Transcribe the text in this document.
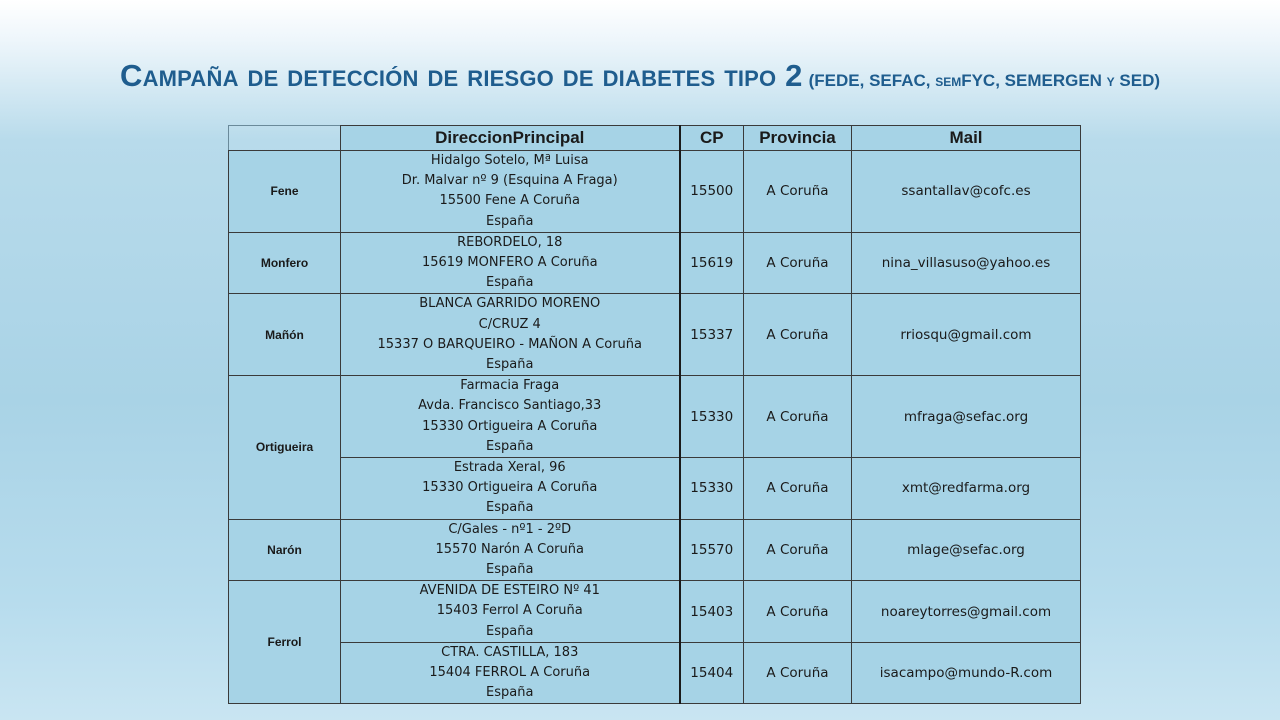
Campaña de detección de riesgo de diabetes tipo 2 (FEDE, SEFAC, semFYC, SEMERGEN y SED)
	DireccionPrincipal	CP	Provincia	Mail
Fene	Hidalgo Sotelo, Mª Luisa
Dr. Malvar nº 9 (Esquina A Fraga)
15500 Fene A Coruña
España	15500	A Coruña	ssantallav@cofc.es
Monfero	REBORDELO, 18
15619 MONFERO A Coruña
España	15619	A Coruña	nina_villasuso@yahoo.es
Mañón	BLANCA GARRIDO MORENO
C/CRUZ 4
15337 O BARQUEIRO - MAÑON A Coruña
España	15337	A Coruña	rriosqu@gmail.com
Ortigueira	Farmacia Fraga
Avda. Francisco Santiago,33
15330 Ortigueira A Coruña
España	15330	A Coruña	mfraga@sefac.org

	Estrada Xeral, 96
15330 Ortigueira A Coruña
España	15330	A Coruña	xmt@redfarma.org
Narón	C/Gales - nº1 - 2ºD
15570 Narón A Coruña
España	15570	A Coruña	mlage@sefac.org
Ferrol	AVENIDA DE ESTEIRO Nº 41
15403 Ferrol A Coruña
España	15403	A Coruña	noareytorres@gmail.com

	CTRA. CASTILLA, 183
15404 FERROL A Coruña
España	15404	A Coruña	isacampo@mundo-R.com
